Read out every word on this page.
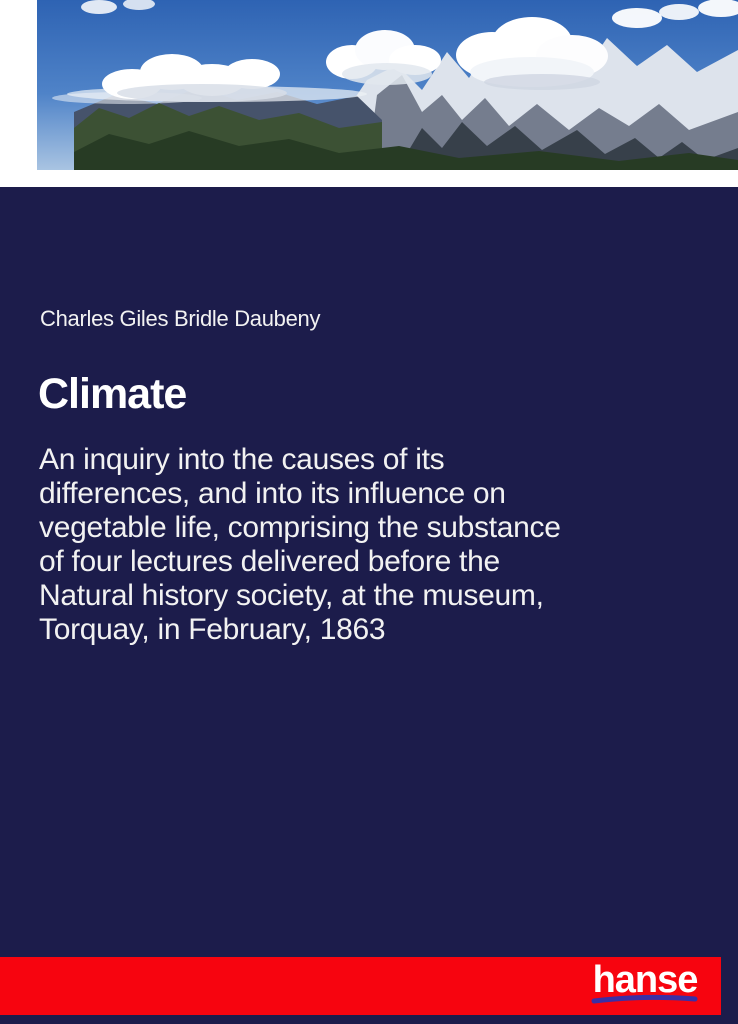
Charles Giles Bridle Daubeny
Climate
An inquiry into the causes of its
differences, and into its influence on
vegetable life, comprising the substance
of four lectures delivered before the
Natural history society, at the museum,
Torquay, in February, 1863
hanse
